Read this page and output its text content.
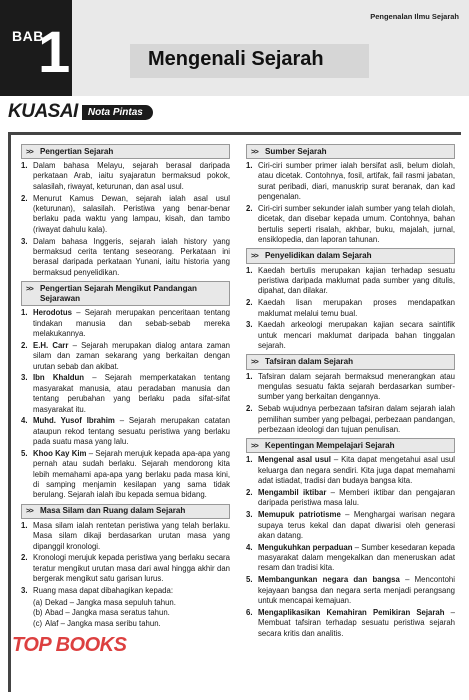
BAB
1
Pengenalan Ilmu Sejarah
Mengenali Sejarah
KUASAI	Nota Pintas
>> Pengertian Sejarah
1. Dalam bahasa Melayu, sejarah berasal daripada perkataan Arab, iaitu syajaratun bermaksud pokok, salasilah, riwayat, keturunan, dan asal usul.
2. Menurut Kamus Dewan, sejarah ialah asal usul (keturunan), salasilah. Peristiwa yang benar-benar berlaku pada waktu yang lampau, kisah, dan tambo (riwayat dahulu kala).
3. Dalam bahasa Inggeris, sejarah ialah history yang bermaksud cerita tentang seseorang. Perkataan ini berasal daripada perkataan Yunani, iaitu historia yang bermaksud penyelidikan.
>> Pengertian Sejarah Mengikut Pandangan Sejarawan
1. Herodotus – Sejarah merupakan penceritaan tentang tindakan manusia dan sebab-sebab mereka melakukannya.
2. E.H. Carr – Sejarah merupakan dialog antara zaman silam dan zaman sekarang yang berkaitan dengan urutan sebab dan akibat.
3. Ibn Khaldun – Sejarah memperkatakan tentang masyarakat manusia, atau peradaban manusia dan tentang perubahan yang berlaku pada sifat-sifat masyarakat itu.
4. Muhd. Yusof Ibrahim – Sejarah merupakan catatan ataupun rekod tentang sesuatu peristiwa yang berlaku pada suatu masa yang lalu.
5. Khoo Kay Kim – Sejarah merujuk kepada apa-apa yang pernah atau sudah berlaku. Sejarah mendorong kita lebih memahami apa-apa yang berlaku pada masa kini, di samping menjamin kesilapan yang sama tidak berulang. Sejarah ialah ibu kepada semua bidang.
>> Masa Silam dan Ruang dalam Sejarah
1. Masa silam ialah rentetan peristiwa yang telah berlaku. Masa silam dikaji berdasarkan urutan masa yang dipanggil kronologi.
2. Kronologi merujuk kepada peristiwa yang berlaku secara teratur mengikut urutan masa dari awal hingga akhir dan bergerak mengikut satu garisan lurus.
3. Ruang masa dapat dibahagikan kepada:
(a) Dekad – Jangka masa sepuluh tahun.
(b) Abad – Jangka masa seratus tahun.
(c) Alaf – Jangka masa seribu tahun.
>> Sumber Sejarah
1. Ciri-ciri sumber primer ialah bersifat asli, belum diolah, atau dicetak. Contohnya, fosil, artifak, fail rasmi jabatan, surat peribadi, diari, manuskrip surat beranak, dan kad pengenalan.
2. Ciri-ciri sumber sekunder ialah sumber yang telah diolah, dicetak, dan disebar kepada umum. Contohnya, bahan bertulis seperti risalah, akhbar, buku, majalah, jurnal, ensiklopedia, dan laporan tahunan.
>> Penyelidikan dalam Sejarah
1. Kaedah bertulis merupakan kajian terhadap sesuatu peristiwa daripada maklumat pada sumber yang ditulis, dipahat, dan dilakar.
2. Kaedah lisan merupakan proses mendapatkan maklumat melalui temu bual.
3. Kaedah arkeologi merupakan kajian secara saintifik untuk mencari maklumat daripada bahan tinggalan sejarah.
>> Tafsiran dalam Sejarah
1. Tafsiran dalam sejarah bermaksud menerangkan atau mengulas sesuatu fakta sejarah berdasarkan sumber-sumber yang berkaitan dengannya.
2. Sebab wujudnya perbezaan tafsiran dalam sejarah ialah pemilihan sumber yang pelbagai, perbezaan pandangan, perbezaan ideologi dan tujuan penulisan.
>> Kepentingan Mempelajari Sejarah
1. Mengenal asal usul – Kita dapat mengetahui asal usul keluarga dan negara sendiri. Kita juga dapat memahami adat istiadat, tradisi dan budaya bangsa kita.
2. Mengambil iktibar – Memberi iktibar dan pengajaran daripada peristiwa masa lalu.
3. Memupuk patriotisme – Menghargai warisan negara supaya terus kekal dan dapat diwarisi oleh generasi akan datang.
4. Mengukuhkan perpaduan – Sumber kesedaran kepada masyarakat dalam mengekalkan dan meneruskan adat resam dan tradisi kita.
5. Membangunkan negara dan bangsa – Mencontohi kejayaan bangsa dan negara serta menjadi perangsang untuk mencapai kemajuan.
6. Mengaplikasikan Kemahiran Pemikiran Sejarah – Membuat tafsiran terhadap sesuatu peristiwa sejarah secara kritis dan analitis.
TOP BOOKS
